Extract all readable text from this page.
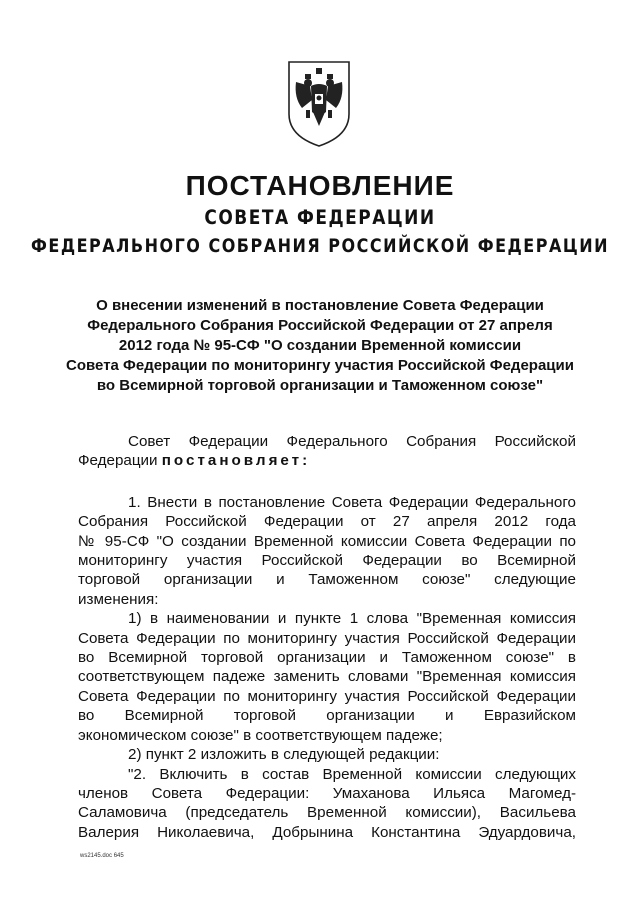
ПОСТАНОВЛЕНИЕ
СОВЕТА ФЕДЕРАЦИИ
ФЕДЕРАЛЬНОГО СОБРАНИЯ РОССИЙСКОЙ ФЕДЕРАЦИИ
О внесении изменений в постановление Совета Федерации
Федерального Собрания Российской Федерации от 27 апреля
2012 года № 95-СФ "О создании Временной комиссии
Совета Федерации по мониторингу участия Российской Федерации
во Всемирной торговой организации и Таможенном союзе"
Совет Федерации Федерального Собрания Российской
Федерации постановляет:
1. Внести в постановление Совета Федерации Федерального
Собрания Российской Федерации от 27 апреля 2012 года
№ 95-СФ "О создании Временной комиссии Совета Федерации по
мониторингу участия Российской Федерации во Всемирной
торговой организации и Таможенном союзе" следующие
изменения:
1) в наименовании и пункте 1 слова "Временная комиссия
Совета Федерации по мониторингу участия Российской Федерации
во Всемирной торговой организации и Таможенном союзе" в
соответствующем падеже заменить словами "Временная комиссия
Совета Федерации по мониторингу участия Российской Федерации
во Всемирной торговой организации и Евразийском
экономическом союзе" в соответствующем падеже;
2) пункт 2 изложить в следующей редакции:
"2. Включить в состав Временной комиссии следующих
членов Совета Федерации: Умаханова Ильяса Магомед-
Саламовича (председатель Временной комиссии), Васильева
Валерия Николаевича, Добрынина Константина Эдуардовича,
ws2145.doc 645
